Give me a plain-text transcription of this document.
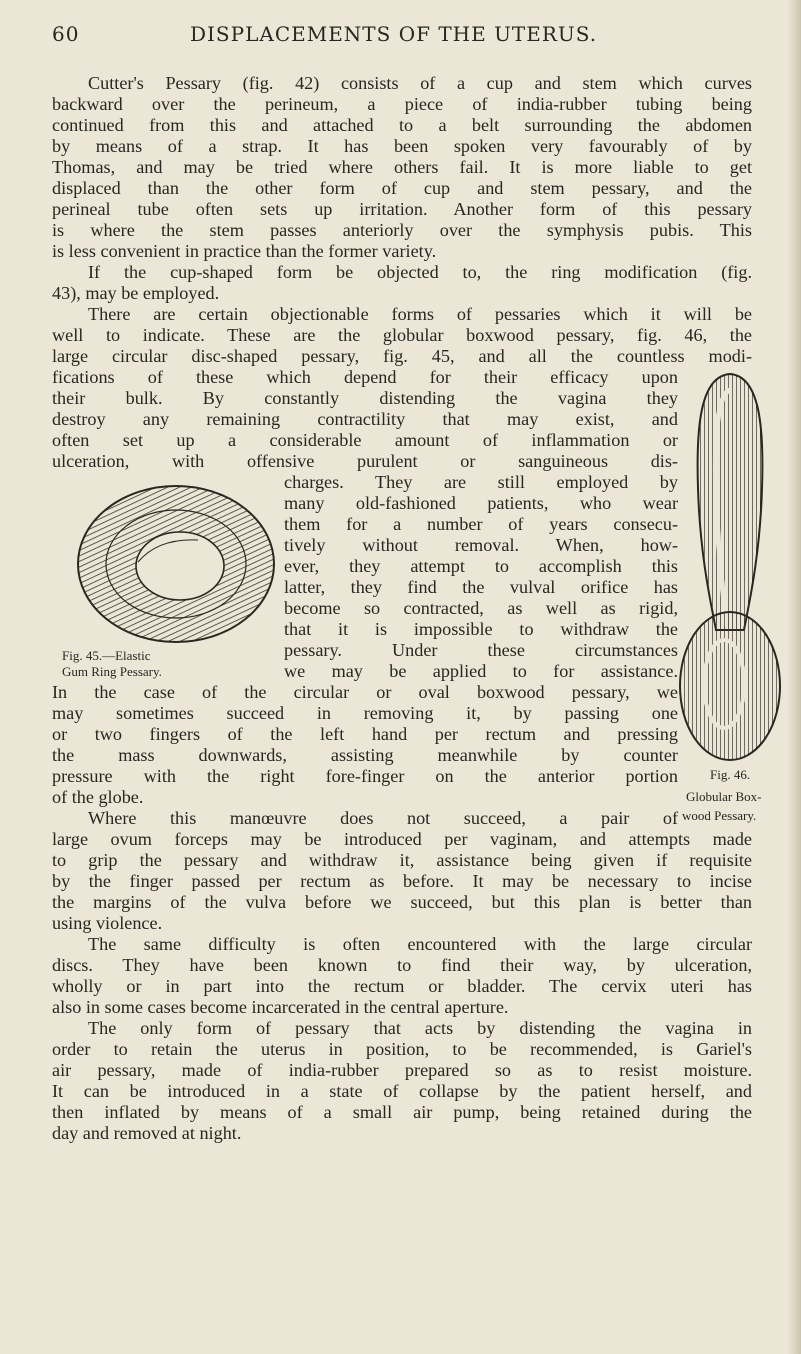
60	DISPLACEMENTS OF THE UTERUS.
Cutter's Pessary (fig. 42) consists of a cup and stem which curves
backward over the perineum, a piece of india-rubber tubing being
continued from this and attached to a belt surrounding the abdomen
by means of a strap. It has been spoken very favourably of by
Thomas, and may be tried where others fail. It is more liable to get
displaced than the other form of cup and stem pessary, and the
perineal tube often sets up irritation. Another form of this pessary
is where the stem passes anteriorly over the symphysis pubis. This
is less convenient in practice than the former variety.
If the cup-shaped form be objected to, the ring modification (fig.
43), may be employed.
There are certain objectionable forms of pessaries which it will be
well to indicate. These are the globular boxwood pessary, fig. 46, the
large circular disc-shaped pessary, fig. 45, and all the countless modi-
fications of these which depend for their efficacy upon
their bulk. By constantly distending the vagina they
destroy any remaining contractility that may exist, and
often set up a considerable amount of inflammation or
ulceration, with offensive purulent or sanguineous dis-
charges. They are still employed by
many old-fashioned patients, who wear
them for a number of years consecu-
tively without removal. When, how-
ever, they attempt to accomplish this
latter, they find the vulval orifice has
become so contracted, as well as rigid,
that it is impossible to withdraw the
pessary. Under these circumstances
we may be applied to for assistance.
In the case of the circular or oval boxwood pessary, we
may sometimes succeed in removing it, by passing one
or two fingers of the left hand per rectum and pressing
the mass downwards, assisting meanwhile by counter
pressure with the right fore-finger on the anterior portion
of the globe.
Where this manœuvre does not succeed, a pair of
large ovum forceps may be introduced per vaginam, and attempts made
to grip the pessary and withdraw it, assistance being given if requisite
by the finger passed per rectum as before. It may be necessary to incise
the margins of the vulva before we succeed, but this plan is better than
using violence.
The same difficulty is often encountered with the large circular
discs. They have been known to find their way, by ulceration,
wholly or in part into the rectum or bladder. The cervix uteri has
also in some cases become incarcerated in the central aperture.
The only form of pessary that acts by distending the vagina in
order to retain the uterus in position, to be recommended, is Gariel's
air pessary, made of india-rubber prepared so as to resist moisture.
It can be introduced in a state of collapse by the patient herself, and
then inflated by means of a small air pump, being retained during the
day and removed at night.
Fig. 45.—Elastic
Gum Ring Pessary.
Fig. 46.
Globular Box-
wood Pessary.
